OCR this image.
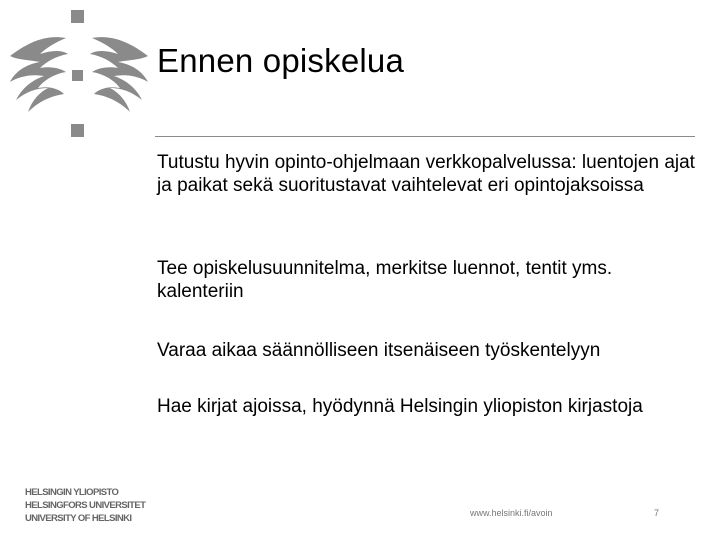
Ennen opiskelua
Tutustu hyvin opinto-ohjelmaan verkkopalvelussa: luentojen ajat ja paikat sekä suoritustavat vaihtelevat eri opintojaksoissa
Tee opiskelusuunnitelma, merkitse luennot, tentit yms. kalenteriin
Varaa aikaa säännölliseen itsenäiseen työskentelyyn
Hae kirjat ajoissa, hyödynnä Helsingin yliopiston kirjastoja
HELSINGIN YLIOPISTO
HELSINGFORS UNIVERSITET
UNIVERSITY OF HELSINKI	www.helsinki.fi/avoin	7
